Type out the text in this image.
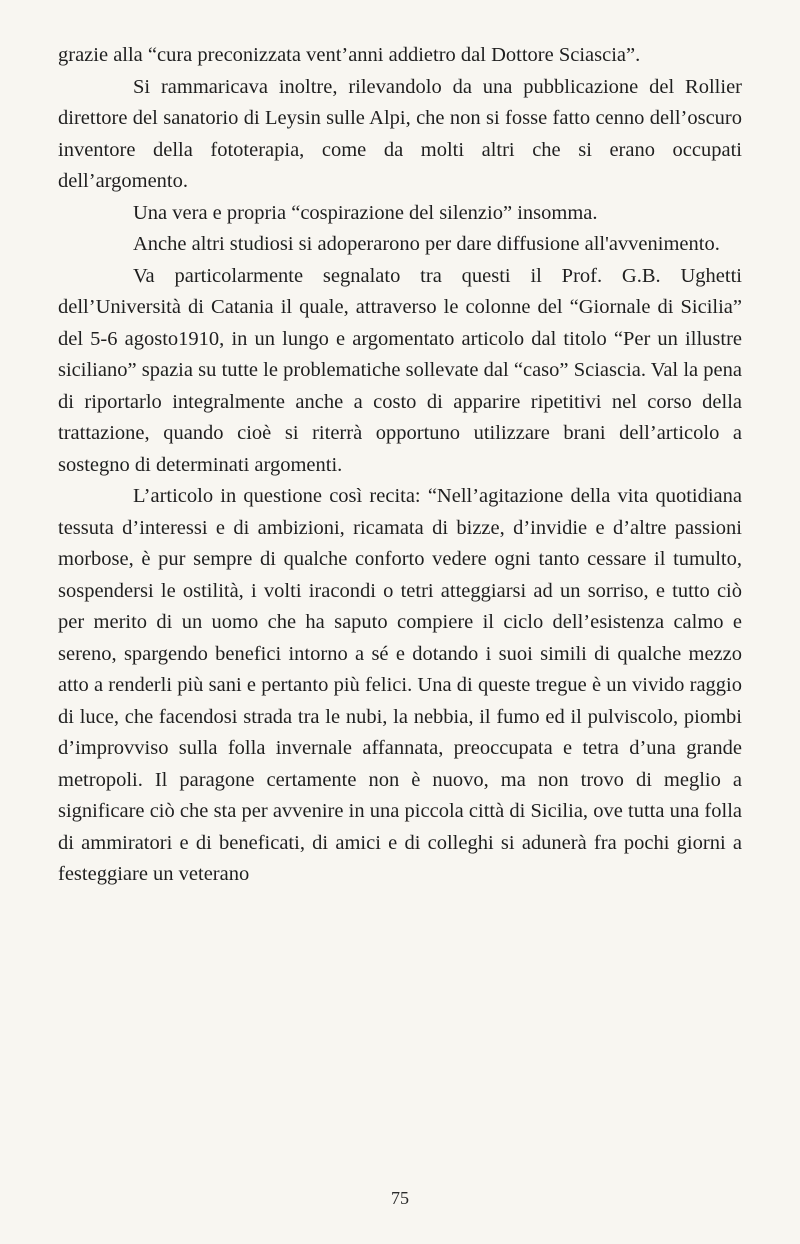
grazie alla “cura preconizzata vent’anni addietro dal Dottore Sciascia”.

Si rammaricava inoltre, rilevandolo da una pubblicazione del Rollier direttore del sanatorio di Leysin sulle Alpi, che non si fosse fatto cenno dell’oscuro inventore della fototerapia, come da molti altri che si erano occupati dell’argomento.

Una vera e propria “cospirazione del silenzio” insomma.

Anche altri studiosi si adoperarono per dare diffusione all'avvenimento.

Va particolarmente segnalato tra questi il Prof. G.B. Ughetti dell’Università di Catania il quale, attraverso le colonne del “Giornale di Sicilia” del 5-6 agosto1910, in un lungo e argomentato articolo dal titolo “Per un illustre siciliano” spazia su tutte le problematiche sollevate dal “caso” Sciascia. Val la pena di riportarlo integralmente anche a costo di apparire ripetitivi nel corso della trattazione, quando cioè si riterrà opportuno utilizzare brani dell’articolo a sostegno di determinati argomenti.

L’articolo in questione così recita: “Nell’agitazione della vita quotidiana tessuta d’interessi e di ambizioni, ricamata di bizze, d’invidie e d’altre passioni morbose, è pur sempre di qualche conforto vedere ogni tanto cessare il tumulto, sospendersi le ostilità, i volti iracondi o tetri atteggiarsi ad un sorriso, e tutto ciò per merito di un uomo che ha saputo compiere il ciclo dell’esistenza calmo e sereno, spargendo benefici intorno a sé e dotando i suoi simili di qualche mezzo atto a renderli più sani e pertanto più felici. Una di queste tregue è un vivido raggio di luce, che facendosi strada tra le nubi, la nebbia, il fumo ed il pulviscolo, piombi d’improvviso sulla folla invernale affannata, preoccupata e tetra d’una grande metropoli. Il paragone certamente non è nuovo, ma non trovo di meglio a significare ciò che sta per avvenire in una piccola città di Sicilia, ove tutta una folla di ammiratori e di beneficati, di amici e di colleghi si adunerà fra pochi giorni a festeggiare un veterano

75
